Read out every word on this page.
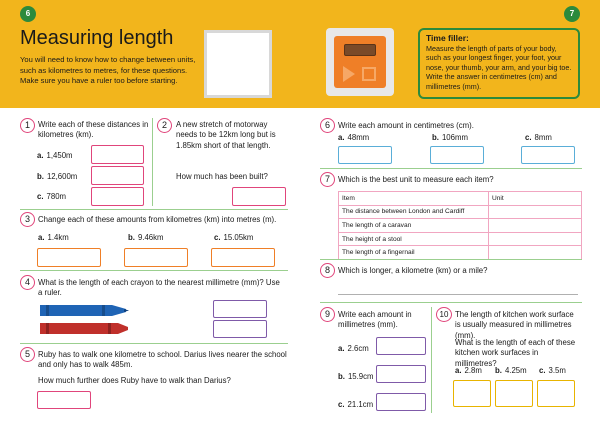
6	7
Measuring length
You will need to know how to change between units, such as kilometres to metres, for these questions. Make sure you have a ruler too before starting.
Time filler:
Measure the length of parts of your body, such as your longest finger, your foot, your nose, your thumb, your arm, and your big toe. Write the answer in centimetres (cm) and millimetres (mm).
1	Write each of these distances in kilometres (km).
a. 1,450m
b. 12,600m
c. 780m
2	A new stretch of motorway needs to be 12km long but is 1.85km short of that length.
How much has been built?
3	Change each of these amounts from kilometres (km) into metres (m).
a. 1.4km	b. 9.46km	c. 15.05km
4	What is the length of each crayon to the nearest millimetre (mm)? Use a ruler.
5	Ruby has to walk one kilometre to school. Darius lives nearer the school and only has to walk 485m.
How much further does Ruby have to walk than Darius?
6	Write each amount in centimetres (cm).
a. 48mm	b. 106mm	c. 8mm
7	Which is the best unit to measure each item?
Item	Unit
The distance between London and Cardiff	
The length of a caravan	
The height of a stool	
The length of a fingernail	
8	Which is longer, a kilometre (km) or a mile?
9	Write each amount in millimetres (mm).
a. 2.6cm
b. 15.9cm
c. 21.1cm
10 The length of kitchen work surface is usually measured in millimetres (mm).
What is the length of each of these kitchen work surfaces in millimetres?
a. 2.8m b. 4.25m c. 3.5m
